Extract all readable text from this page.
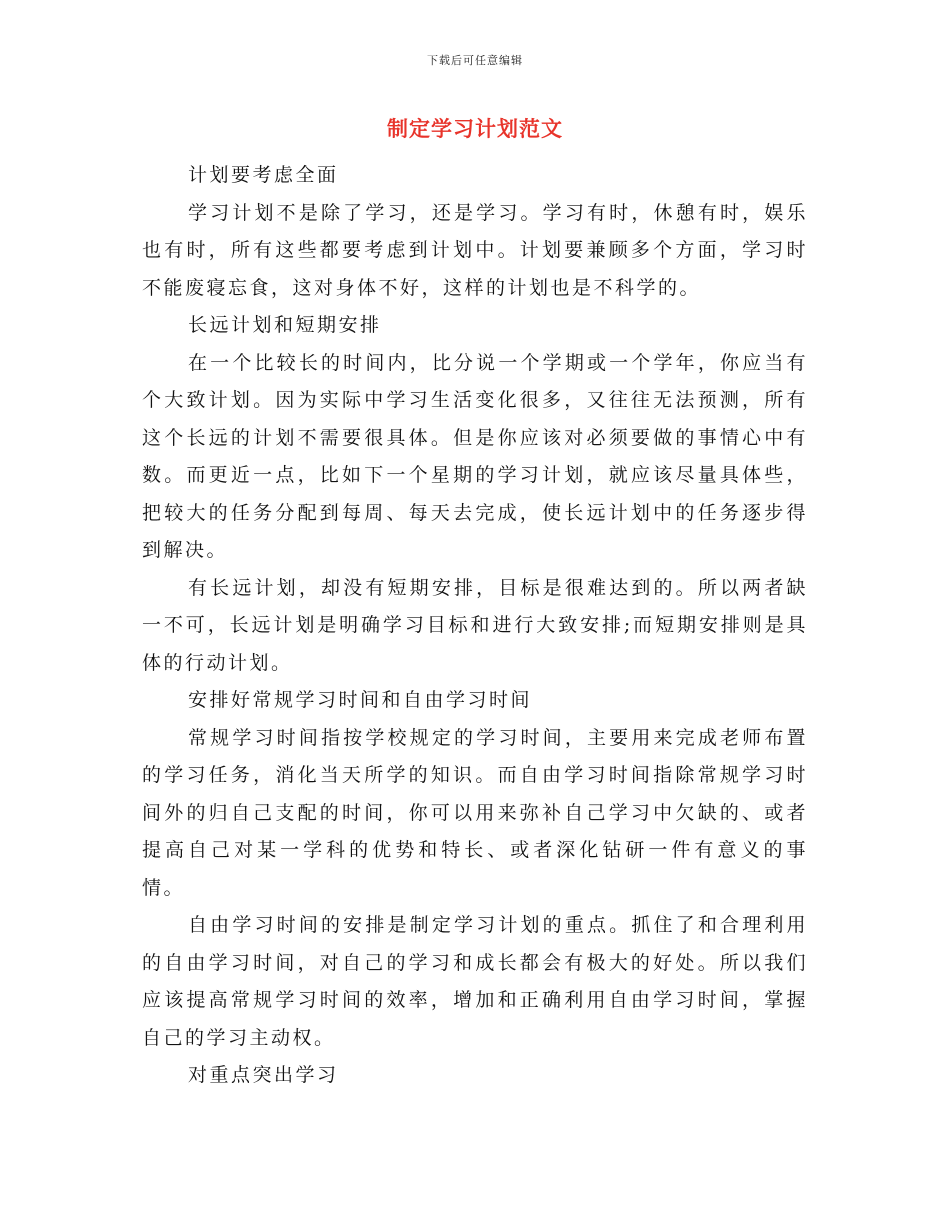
下载后可任意编辑
制定学习计划范文

计划要考虑全面

学习计划不是除了学习，还是学习。学习有时，休憩有时，娱乐也有时，所有这些都要考虑到计划中。计划要兼顾多个方面，学习时不能废寝忘食，这对身体不好，这样的计划也是不科学的。

长远计划和短期安排

在一个比较长的时间内，比分说一个学期或一个学年，你应当有个大致计划。因为实际中学习生活变化很多，又往往无法预测，所有这个长远的计划不需要很具体。但是你应该对必须要做的事情心中有数。而更近一点，比如下一个星期的学习计划，就应该尽量具体些，把较大的任务分配到每周、每天去完成，使长远计划中的任务逐步得到解决。

有长远计划，却没有短期安排，目标是很难达到的。所以两者缺一不可，长远计划是明确学习目标和进行大致安排;而短期安排则是具体的行动计划。

安排好常规学习时间和自由学习时间

常规学习时间指按学校规定的学习时间，主要用来完成老师布置的学习任务，消化当天所学的知识。而自由学习时间指除常规学习时间外的归自己支配的时间，你可以用来弥补自己学习中欠缺的、或者提高自己对某一学科的优势和特长、或者深化钻研一件有意义的事情。

自由学习时间的安排是制定学习计划的重点。抓住了和合理利用的自由学习时间，对自己的学习和成长都会有极大的好处。所以我们应该提高常规学习时间的效率，增加和正确利用自由学习时间，掌握自己的学习主动权。

对重点突出学习
